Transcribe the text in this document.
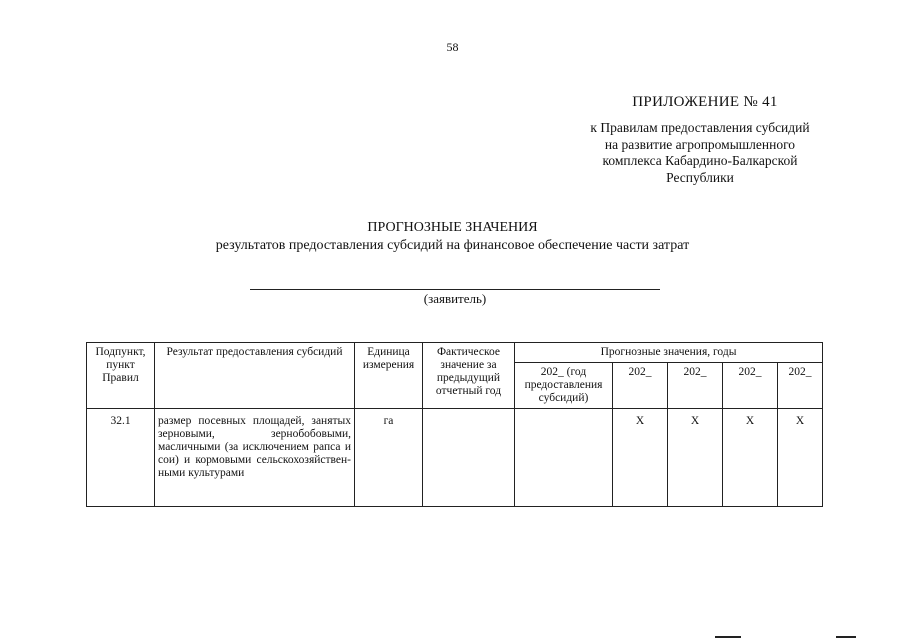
58
ПРИЛОЖЕНИЕ № 41
к Правилам предоставления субсидий
на развитие агропромышленного
комплекса Кабардино-Балкарской
Республики
ПРОГНОЗНЫЕ ЗНАЧЕНИЯ
результатов предоставления субсидий на финансовое обеспечение части затрат
(заявитель)
Подпункт, пункт Правил	Результат предоставления субсидий	Единица измерения	Фактическое значение за предыдущий отчетный год	Прогнозные значения, годы				
				202_ (год предоставления субсидий)	202_	202_	202_	202_
32.1	размер посевных площадей, занятых зерновыми, зернобобовыми, масличными (за исключением рапса и сои) и кормовыми сельскохозяйствен-ными культурами	га			X	X	X	X
